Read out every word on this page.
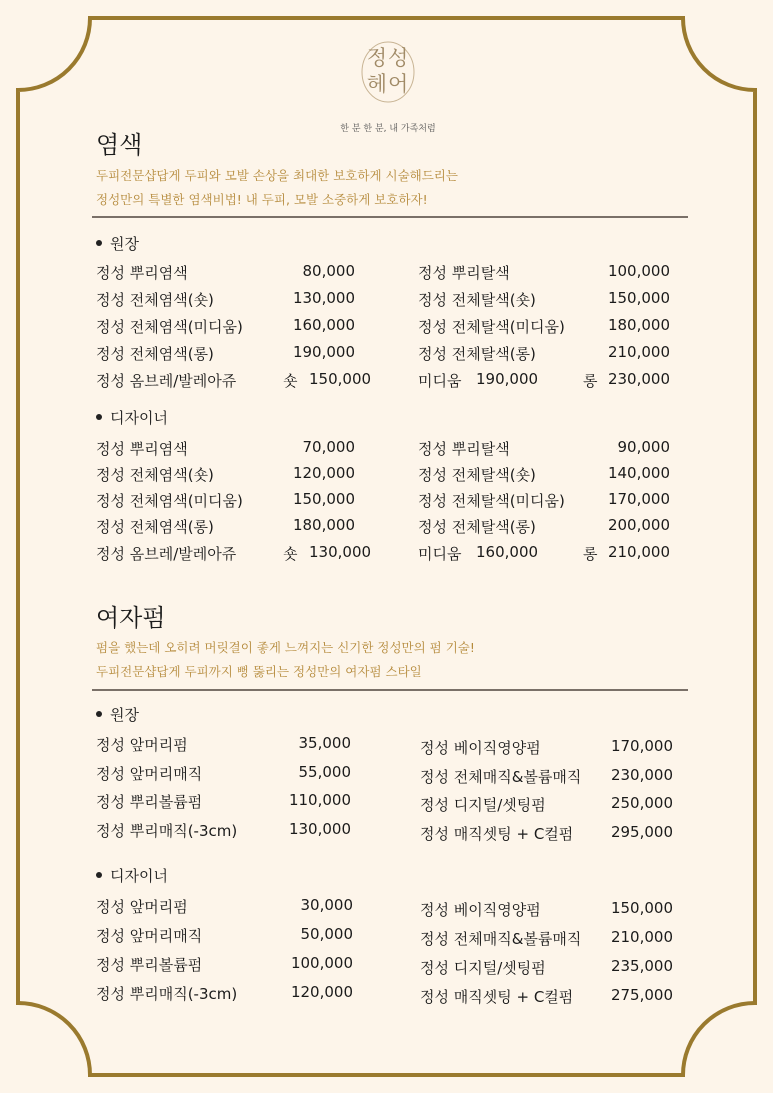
정성
헤어
한 분 한 분, 내 가족처럼
염색
두피전문샵답게 두피와 모발 손상을 최대한 보호하게 시술해드리는
정성만의 특별한 염색비법! 내 두피, 모발 소중하게 보호하자!
원장
정성 뿌리염색	80,000
정성 전체염색(숏)	130,000
정성 전체염색(미디움)	160,000
정성 전체염색(롱)	190,000
정성 뿌리탈색	100,000
정성 전체탈색(숏)	150,000
정성 전체탈색(미디움)	180,000
정성 전체탈색(롱)	210,000
정성 옴브레/발레아쥬	숏 150,000	미디움 190,000	롱 230,000
디자이너
정성 뿌리염색	70,000
정성 전체염색(숏)	120,000
정성 전체염색(미디움)	150,000
정성 전체염색(롱)	180,000
정성 뿌리탈색	90,000
정성 전체탈색(숏)	140,000
정성 전체탈색(미디움)	170,000
정성 전체탈색(롱)	200,000
정성 옴브레/발레아쥬	숏 130,000	미디움 160,000	롱 210,000
여자펌
펌을 했는데 오히려 머릿결이 좋게 느껴지는 신기한 정성만의 펌 기술!
두피전문샵답게 두피까지 뻥 뚫리는 정성만의 여자펌 스타일
원장
정성 앞머리펌	35,000
정성 앞머리매직	55,000
정성 뿌리볼륨펌	110,000
정성 뿌리매직(-3cm)	130,000
정성 베이직영양펌	170,000
정성 전체매직&볼륨매직 230,000
정성 디지털/셋팅펌	250,000
정성 매직셋팅 + C컬펌	295,000
디자이너
정성 앞머리펌	30,000
정성 앞머리매직	50,000
정성 뿌리볼륨펌	100,000
정성 뿌리매직(-3cm)	120,000
정성 베이직영양펌	150,000
정성 전체매직&볼륨매직 210,000
정성 디지털/셋팅펌	235,000
정성 매직셋팅 + C컬펌	275,000
